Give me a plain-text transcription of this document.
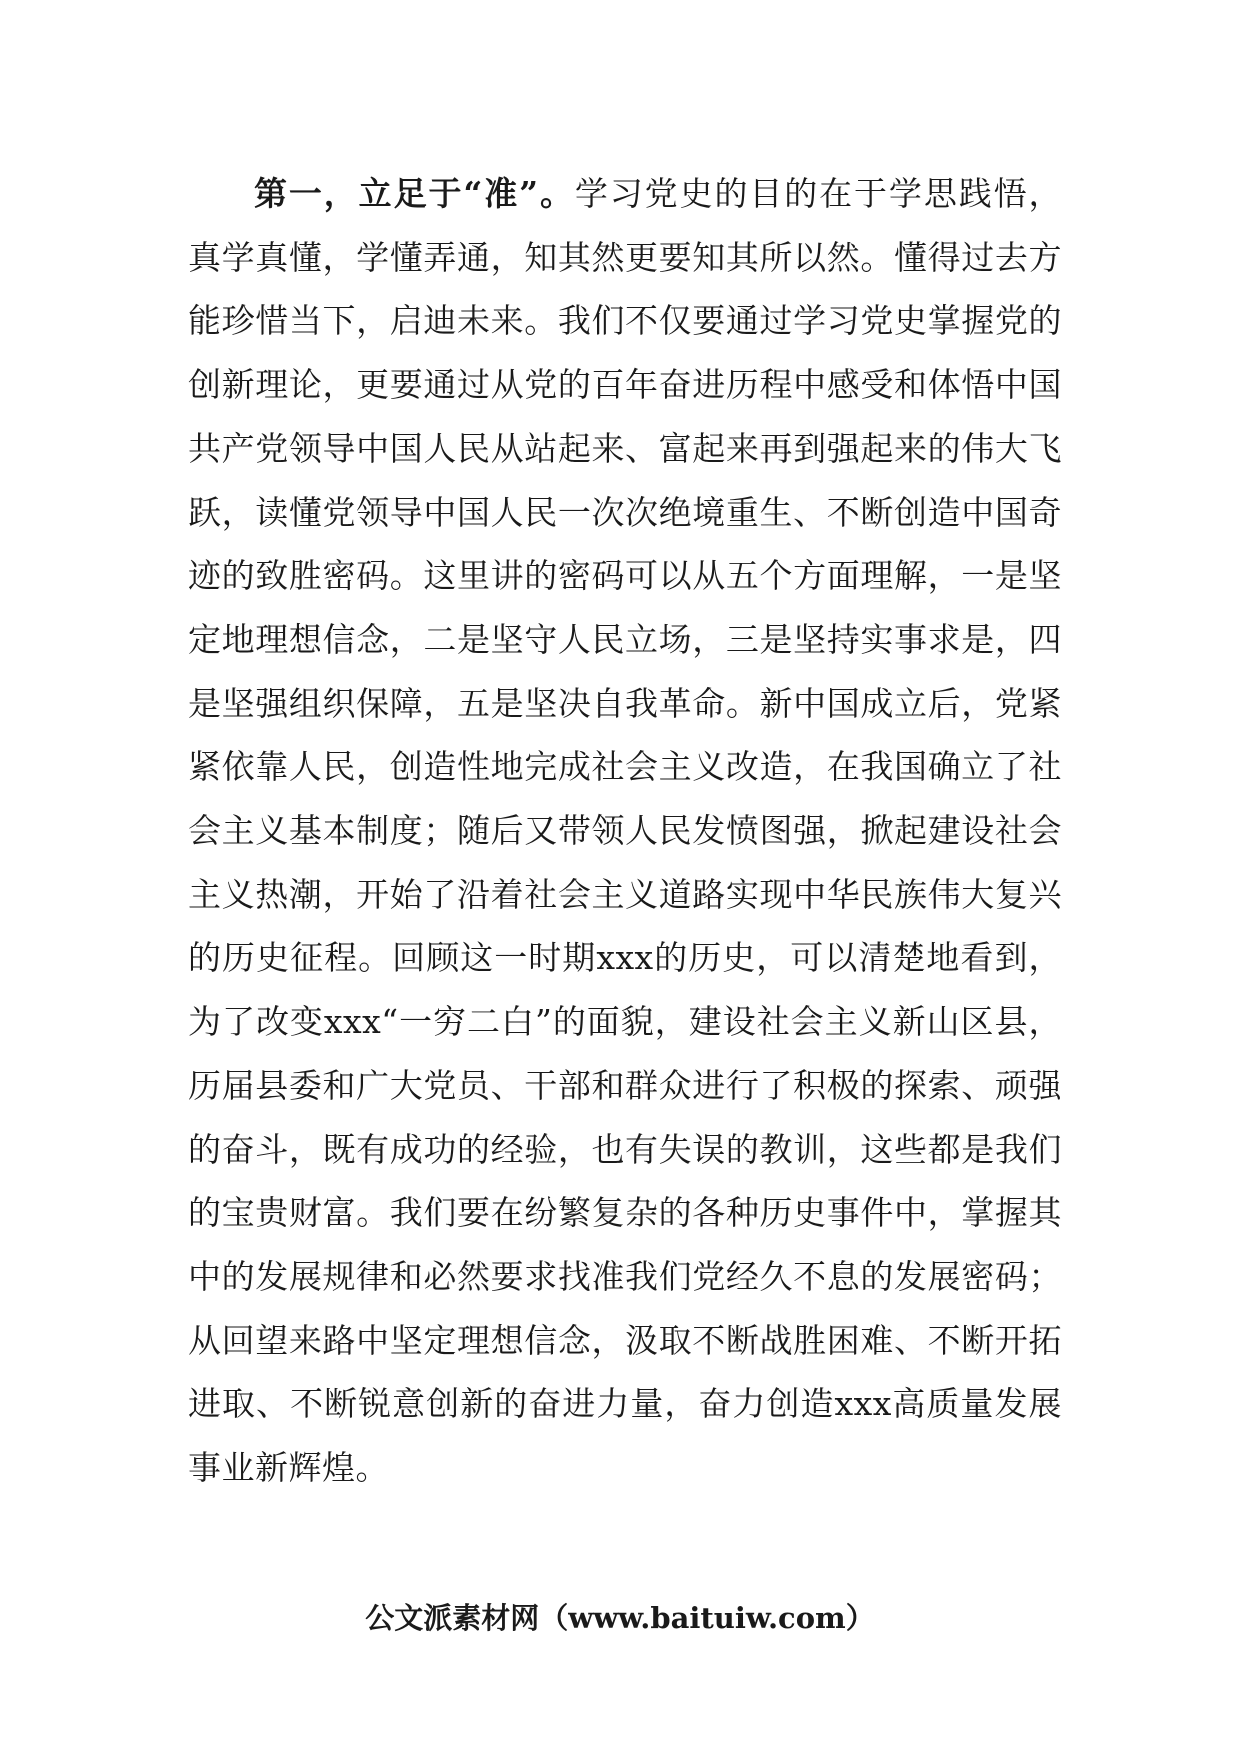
第一，立足于“准”。学习党史的目的在于学思践悟，真学真懂，学懂弄通，知其然更要知其所以然。懂得过去方能珍惜当下，启迪未来。我们不仅要通过学习党史掌握党的创新理论，更要通过从党的百年奋进历程中感受和体悟中国共产党领导中国人民从站起来、富起来再到强起来的伟大飞跃，读懂党领导中国人民一次次绝境重生、不断创造中国奇迹的致胜密码。这里讲的密码可以从五个方面理解，一是坚定地理想信念，二是坚守人民立场，三是坚持实事求是，四是坚强组织保障，五是坚决自我革命。新中国成立后，党紧紧依靠人民，创造性地完成社会主义改造，在我国确立了社会主义基本制度；随后又带领人民发愤图强，掀起建设社会主义热潮，开始了沿着社会主义道路实现中华民族伟大复兴的历史征程。回顾这一时期xxx的历史，可以清楚地看到，为了改变xxx“一穷二白”的面貌，建设社会主义新山区县，历届县委和广大党员、干部和群众进行了积极的探索、顽强的奋斗，既有成功的经验，也有失误的教训，这些都是我们的宝贵财富。我们要在纷繁复杂的各种历史事件中，掌握其中的发展规律和必然要求找准我们党经久不息的发展密码；从回望来路中坚定理想信念，汲取不断战胜困难、不断开拓进取、不断锐意创新的奋进力量，奋力创造xxx高质量发展事业新辉煌。

公文派素材网（www.baituiw.com）
